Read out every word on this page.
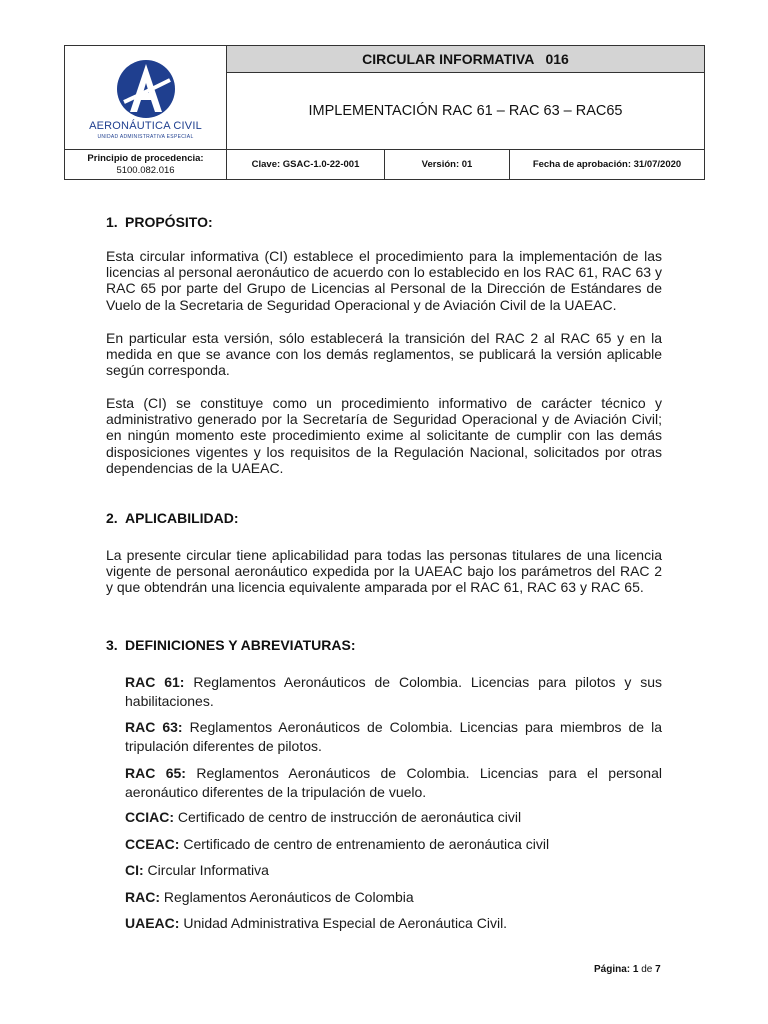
AERONÁUTICA CIVIL
UNIDAD ADMINISTRATIVA ESPECIAL
CIRCULAR INFORMATIVA   016
IMPLEMENTACIÓN RAC 61 – RAC 63 – RAC65
Principio de procedencia:
5100.082.016	Clave: GSAC-1.0-22-001	Versión: 01	Fecha de aprobación: 31/07/2020
1. PROPÓSITO:

Esta circular informativa (CI) establece el procedimiento para la implementación de las licencias al personal aeronáutico de acuerdo con lo establecido en los RAC 61, RAC 63 y RAC 65 por parte del Grupo de Licencias al Personal de la Dirección de Estándares de Vuelo de la Secretaria de Seguridad Operacional y de Aviación Civil de la UAEAC.

En particular esta versión, sólo establecerá la transición del RAC 2 al RAC 65 y en la medida en que se avance con los demás reglamentos, se publicará la versión aplicable según corresponda.

Esta (CI) se constituye como un procedimiento informativo de carácter técnico y administrativo generado por la Secretaría de Seguridad Operacional y de Aviación Civil; en ningún momento este procedimiento exime al solicitante de cumplir con las demás disposiciones vigentes y los requisitos de la Regulación Nacional, solicitados por otras dependencias de la UAEAC.

2. APLICABILIDAD:

La presente circular tiene aplicabilidad para todas las personas titulares de una licencia vigente de personal aeronáutico expedida por la UAEAC bajo los parámetros del RAC 2 y que obtendrán una licencia equivalente amparada por el RAC 61, RAC 63 y RAC 65.

3. DEFINICIONES Y ABREVIATURAS:

RAC 61: Reglamentos Aeronáuticos de Colombia. Licencias para pilotos y sus habilitaciones.

RAC 63: Reglamentos Aeronáuticos de Colombia. Licencias para miembros de la tripulación diferentes de pilotos.

RAC 65: Reglamentos Aeronáuticos de Colombia. Licencias para el personal aeronáutico diferentes de la tripulación de vuelo.

CCIAC: Certificado de centro de instrucción de aeronáutica civil

CCEAC: Certificado de centro de entrenamiento de aeronáutica civil

CI: Circular Informativa

RAC: Reglamentos Aeronáuticos de Colombia

UAEAC: Unidad Administrativa Especial de Aeronáutica Civil.

Página: 1 de 7
